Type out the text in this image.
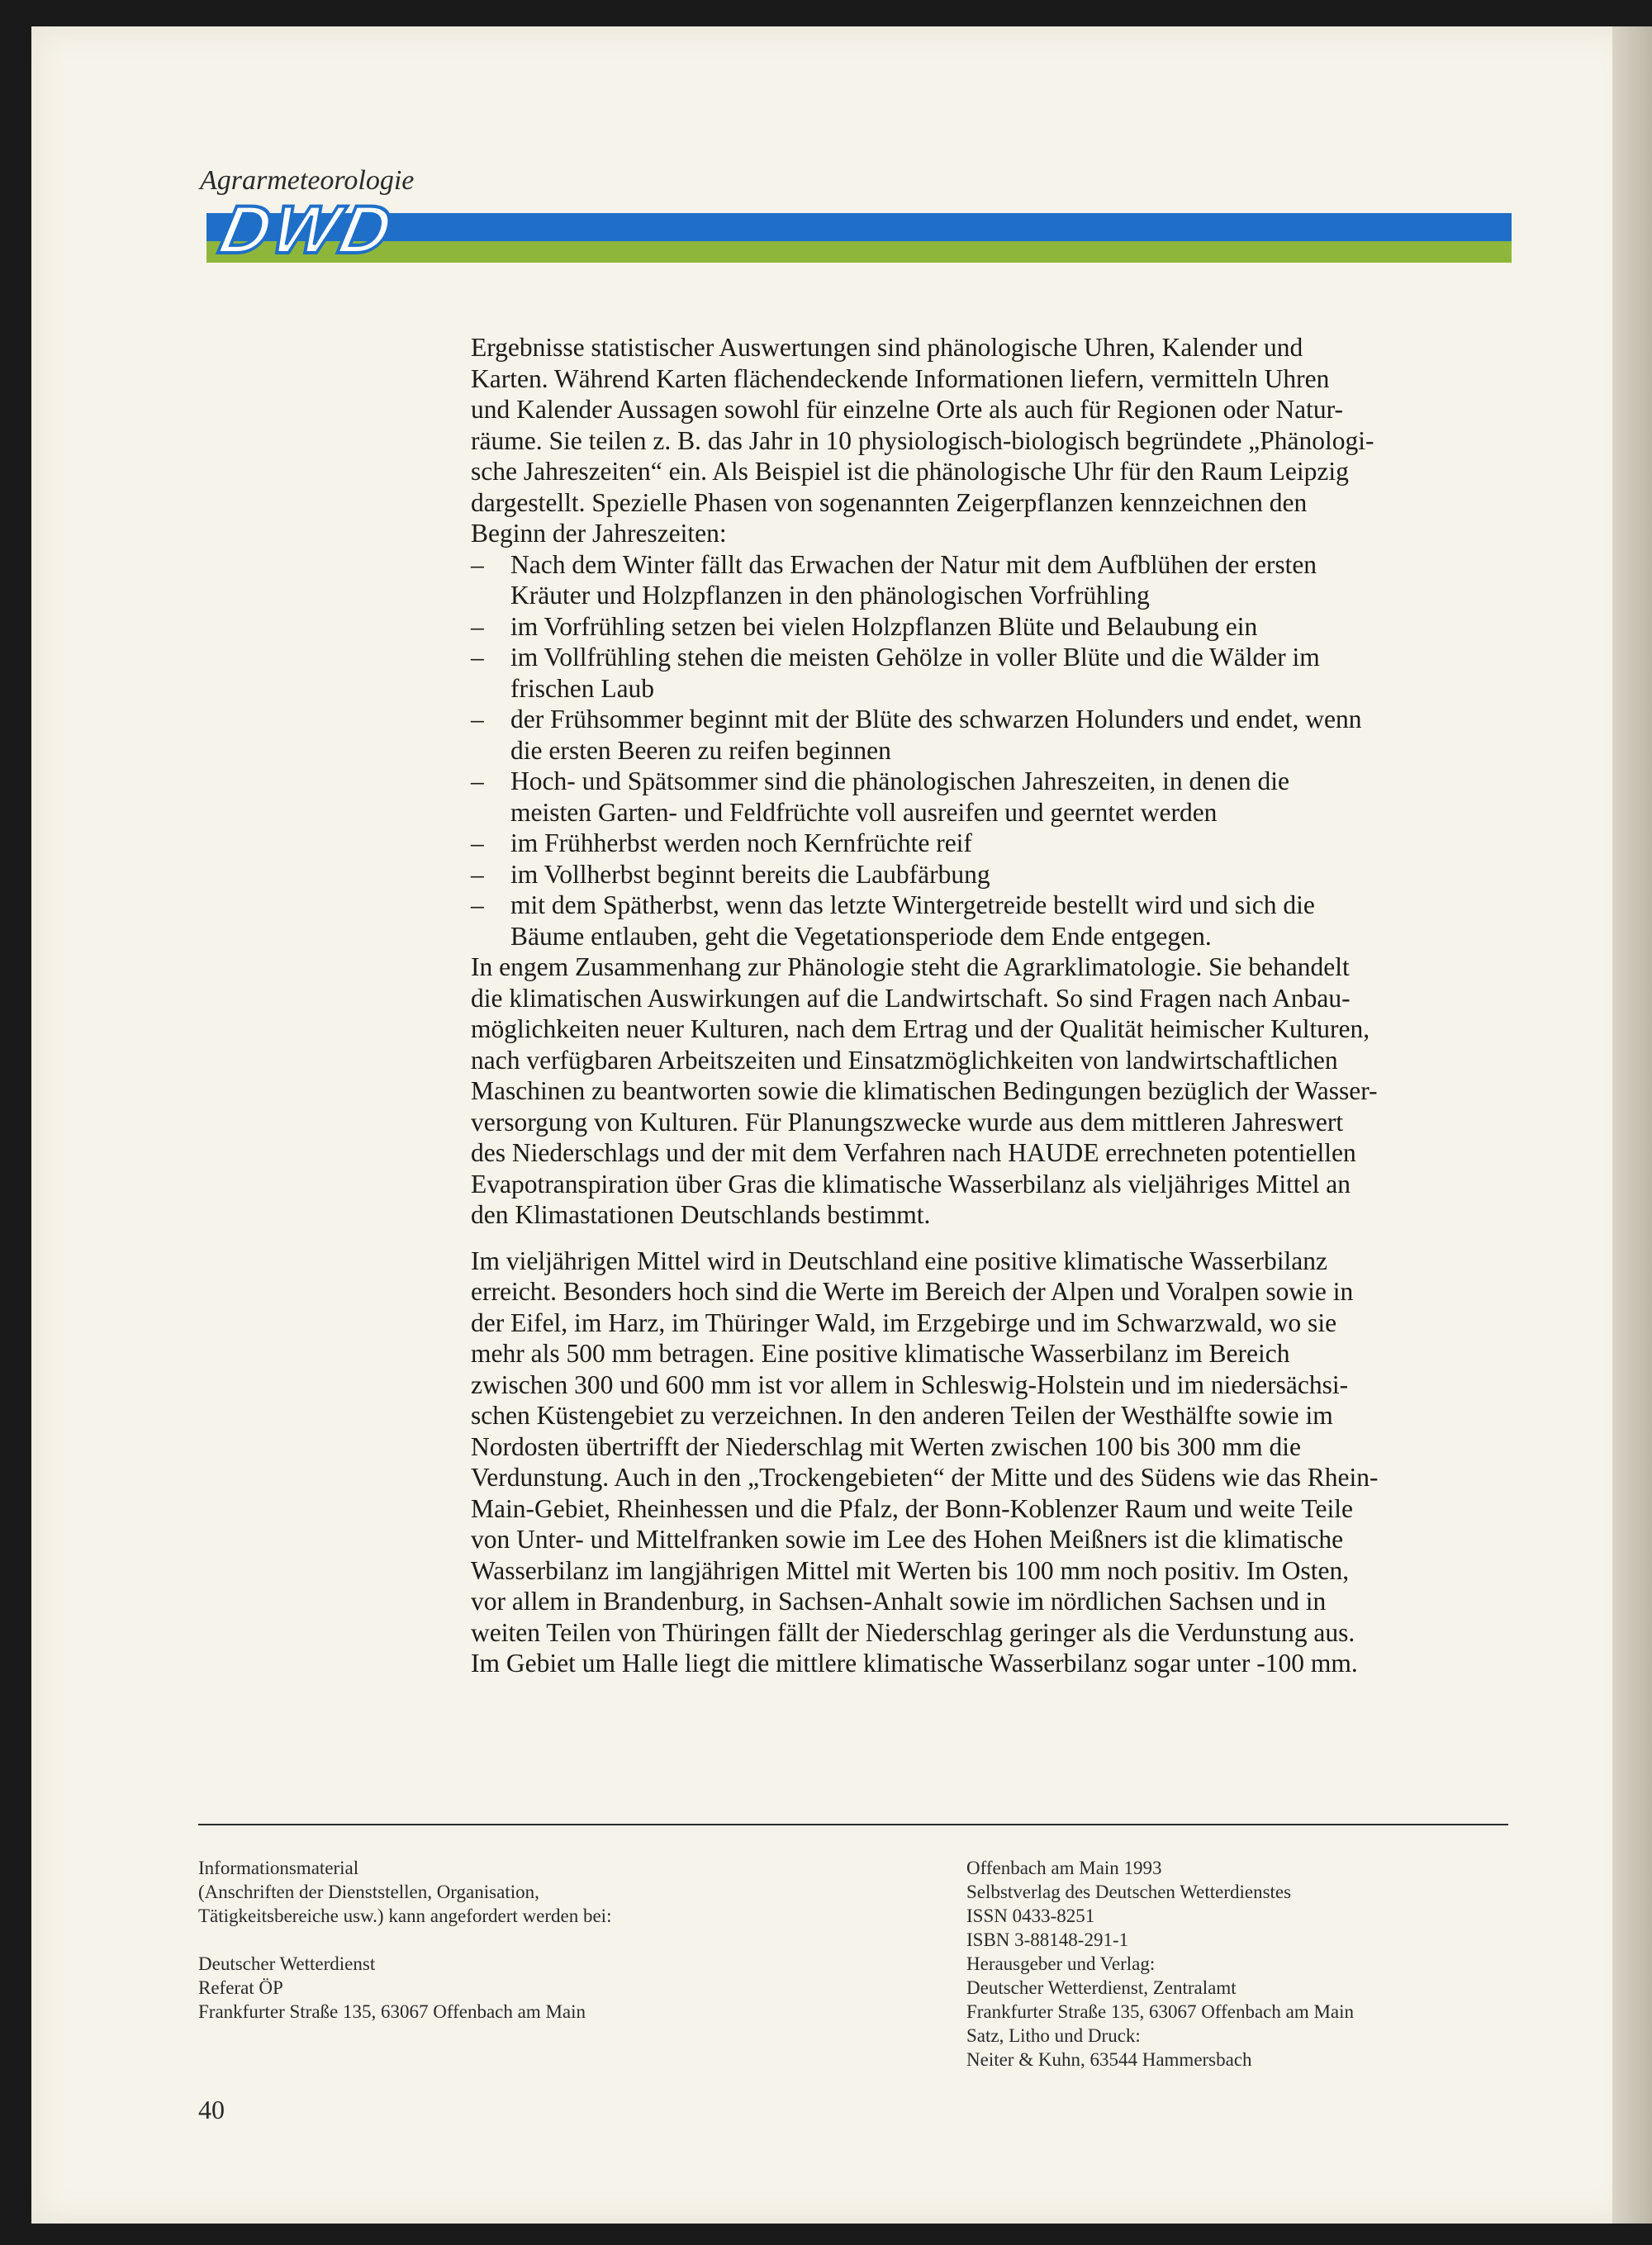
Agrarmeteorologie
DWD

Ergebnisse statistischer Auswertungen sind phänologische Uhren, Kalender und
Karten. Während Karten flächendeckende Informationen liefern, vermitteln Uhren
und Kalender Aussagen sowohl für einzelne Orte als auch für Regionen oder Natur-
räume. Sie teilen z. B. das Jahr in 10 physiologisch-biologisch begründete „Phänologi-
sche Jahreszeiten“ ein. Als Beispiel ist die phänologische Uhr für den Raum Leipzig
dargestellt. Spezielle Phasen von sogenannten Zeigerpflanzen kennzeichnen den
Beginn der Jahreszeiten:

– Nach dem Winter fällt das Erwachen der Natur mit dem Aufblühen der ersten
Kräuter und Holzpflanzen in den phänologischen Vorfrühling
– im Vorfrühling setzen bei vielen Holzpflanzen Blüte und Belaubung ein
– im Vollfrühling stehen die meisten Gehölze in voller Blüte und die Wälder im
frischen Laub
– der Frühsommer beginnt mit der Blüte des schwarzen Holunders und endet, wenn
die ersten Beeren zu reifen beginnen
– Hoch- und Spätsommer sind die phänologischen Jahreszeiten, in denen die
meisten Garten- und Feldfrüchte voll ausreifen und geerntet werden
– im Frühherbst werden noch Kernfrüchte reif
– im Vollherbst beginnt bereits die Laubfärbung
– mit dem Spätherbst, wenn das letzte Wintergetreide bestellt wird und sich die
Bäume entlauben, geht die Vegetationsperiode dem Ende entgegen.

In engem Zusammenhang zur Phänologie steht die Agrarklimatologie. Sie behandelt
die klimatischen Auswirkungen auf die Landwirtschaft. So sind Fragen nach Anbau-
möglichkeiten neuer Kulturen, nach dem Ertrag und der Qualität heimischer Kulturen,
nach verfügbaren Arbeitszeiten und Einsatzmöglichkeiten von landwirtschaftlichen
Maschinen zu beantworten sowie die klimatischen Bedingungen bezüglich der Wasser-
versorgung von Kulturen. Für Planungszwecke wurde aus dem mittleren Jahreswert
des Niederschlags und der mit dem Verfahren nach HAUDE errechneten potentiellen
Evapotranspiration über Gras die klimatische Wasserbilanz als vieljähriges Mittel an
den Klimastationen Deutschlands bestimmt.

Im vieljährigen Mittel wird in Deutschland eine positive klimatische Wasserbilanz
erreicht. Besonders hoch sind die Werte im Bereich der Alpen und Voralpen sowie in
der Eifel, im Harz, im Thüringer Wald, im Erzgebirge und im Schwarzwald, wo sie
mehr als 500 mm betragen. Eine positive klimatische Wasserbilanz im Bereich
zwischen 300 und 600 mm ist vor allem in Schleswig-Holstein und im niedersächsi-
schen Küstengebiet zu verzeichnen. In den anderen Teilen der Westhälfte sowie im
Nordosten übertrifft der Niederschlag mit Werten zwischen 100 bis 300 mm die
Verdunstung. Auch in den „Trockengebieten“ der Mitte und des Südens wie das Rhein-
Main-Gebiet, Rheinhessen und die Pfalz, der Bonn-Koblenzer Raum und weite Teile
von Unter- und Mittelfranken sowie im Lee des Hohen Meißners ist die klimatische
Wasserbilanz im langjährigen Mittel mit Werten bis 100 mm noch positiv. Im Osten,
vor allem in Brandenburg, in Sachsen-Anhalt sowie im nördlichen Sachsen und in
weiten Teilen von Thüringen fällt der Niederschlag geringer als die Verdunstung aus.
Im Gebiet um Halle liegt die mittlere klimatische Wasserbilanz sogar unter -100 mm.

Informationsmaterial
(Anschriften der Dienststellen, Organisation,
Tätigkeitsbereiche usw.) kann angefordert werden bei:
Deutscher Wetterdienst
Referat ÖP
Frankfurter Straße 135, 63067 Offenbach am Main
Offenbach am Main 1993
Selbstverlag des Deutschen Wetterdienstes
ISSN 0433-8251
ISBN 3-88148-291-1
Herausgeber und Verlag:
Deutscher Wetterdienst, Zentralamt
Frankfurter Straße 135, 63067 Offenbach am Main
Satz, Litho und Druck:
Neiter & Kuhn, 63544 Hammersbach
40
